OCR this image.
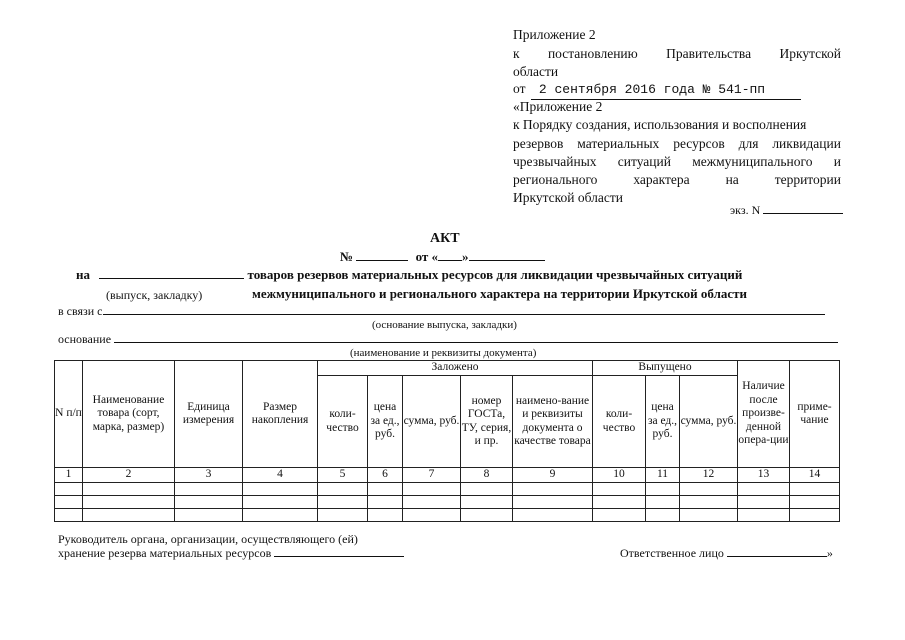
Приложение 2
к постановлению Правительства Иркутской
области
от 2 сентября 2016 года № 541-пп
«Приложение 2
к Порядку создания, использования и восполнения
резервов материальных ресурсов для ликвидации
чрезвычайных ситуаций межмуниципального и
регионального	характера	на	территории
Иркутской области
экз. N
АКТ
№	от « »
на	товаров резервов материальных ресурсов для ликвидации чрезвычайных ситуаций
(выпуск, закладку)	межмуниципального и регионального характера на территории Иркутской области
в связи с
(основание выпуска, закладки)
основание
(наименование и реквизиты документа)
N п/п	Наименование товара (сорт, марка, размер)	Единица измерения	Размер накопления	Заложено					Выпущено			Наличие после произве-денной опера-ции	приме-чание
				коли-чество	цена за ед., руб.	сумма, руб.	номер ГОСТа, ТУ, серия, и пр.	наимено-вание и реквизиты документа о качестве товара	коли-чество	цена за ед., руб.	сумма, руб.		
1	2	3	4	5	6	7	8	9	10	11	12	13	14

Руководитель органа, организации, осуществляющего (ей)
хранение резерва материальных ресурсов	Ответственное лицо	»
